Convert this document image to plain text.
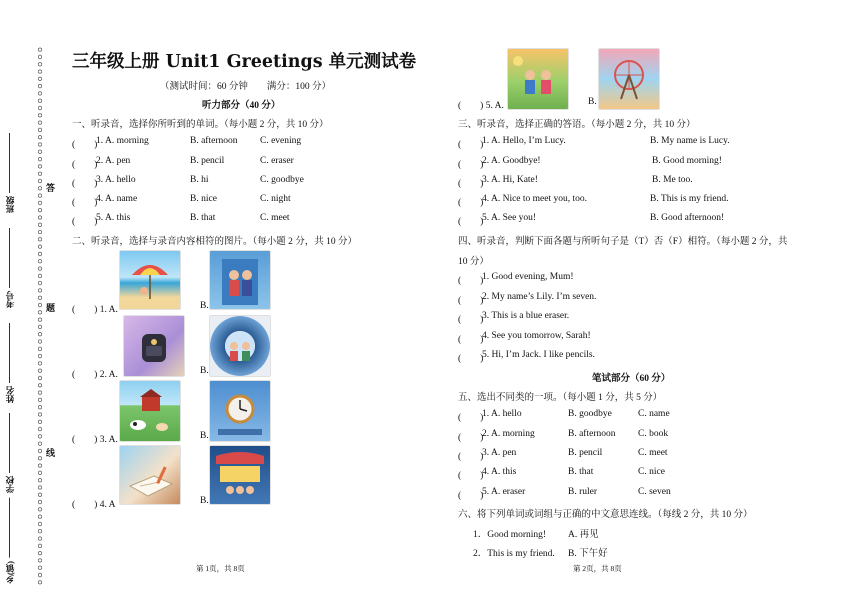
答
题
线
班级
考号
姓名
学校
乡(镇)
三年级上册 Unit1 Greetings 单元测试卷
（测试时间：60 分钟　　满分：100 分）
听力部分（40 分）
一、听录音，选择你所听到的单词。（每小题 2 分，共 10 分）
(　　)
1. A. morning	B. afternoon C. evening
(　　)
2. A. pen	B. pencil	C. eraser
(　　)
3. A. hello	B. hi	C. goodbye
(　　)
4. A. name	B. nice	C. night
(　　)
5. A. this	B. that	C. meet
二、听录音，选择与录音内容相符的图片。（每小题 2 分，共 10 分）
(　　) 1. A.	B.
(　　) 2. A.	B.
(　　) 3. A.	B.
(　　) 4. A	B.
第 1页，共 8页
(　　) 5. A.	B.
三、听录音，选择正确的答语。（每小题 2 分，共 10 分）
(　　)
1. A. Hello, I’m Lucy.	B. My name is Lucy.
(　　)
2. A. Goodbye!	B. Good morning!
(　　)
3. A. Hi, Kate!	B. Me too.
(　　)
4. A. Nice to meet you, too.	B. This is my friend.
(　　)
5. A. See you!	B. Good afternoon!
四、听录音，判断下面各题与所听句子是（T）否（F）相符。（每小题 2 分，共
10 分）
(　　)
1. Good evening, Mum!
(　　)
2. My name’s Lily. I’m seven.
(　　)
3. This is a blue eraser.
(　　)
4. See you tomorrow, Sarah!
(　　)
5. Hi, I’m Jack. I like pencils.
笔试部分（60 分）
五、选出不同类的一项。（每小题 1 分，共 5 分）
(　　)
1. A. hello	B. goodbye	C. name
(　　)
2. A. morning	B. afternoon C. book
(　　)
3. A. pen	B. pencil	C. meet
(　　)
4. A. this	B. that	C. nice
(　　)
5. A. eraser	B. ruler	C. seven
六、将下列单词或词组与正确的中文意思连线。（每线 2 分，共 10 分）
1．Good morning! A. 再见
2．This is my friend. B. 下午好
第 2页，共 8页
